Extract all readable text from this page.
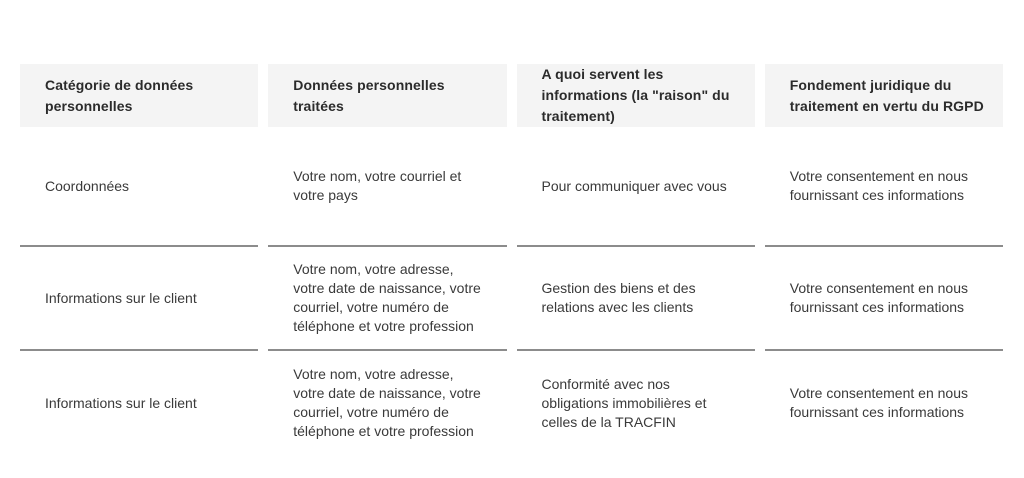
Catégorie de données personnelles
Données personnelles traitées
A quoi servent les informations (la "raison" du traitement)
Fondement juridique du traitement en vertu du RGPD
Coordonnées
Votre nom, votre courriel et votre pays
Pour communiquer avec vous
Votre consentement en nous fournissant ces informations
Informations sur le client
Votre nom, votre adresse, votre date de naissance, votre courriel, votre numéro de téléphone et votre profession
Gestion des biens et des relations avec les clients
Votre consentement en nous fournissant ces informations
Informations sur le client
Votre nom, votre adresse, votre date de naissance, votre courriel, votre numéro de téléphone et votre profession
Conformité avec nos obligations immobilières et celles de la TRACFIN
Votre consentement en nous fournissant ces informations
